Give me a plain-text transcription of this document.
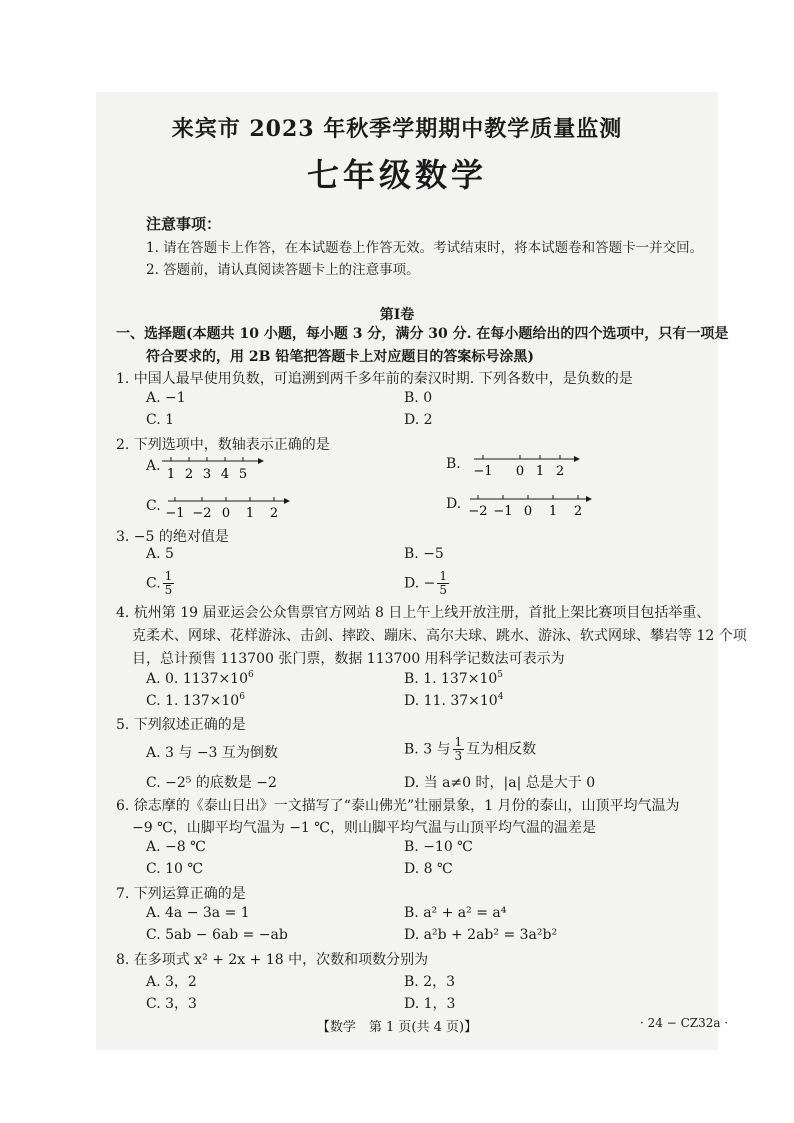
来宾市 2023 年秋季学期期中教学质量监测
七年级数学
注意事项：
1. 请在答题卡上作答，在本试题卷上作答无效。考试结束时，将本试题卷和答题卡一并交回。
2. 答题前，请认真阅读答题卡上的注意事项。
第Ⅰ卷
一、选择题(本题共 10 小题，每小题 3 分，满分 30 分. 在每小题给出的四个选项中，只有一项是
符合要求的，用 2B 铅笔把答题卡上对应题目的答案标号涂黑)
1. 中国人最早使用负数，可追溯到两千多年前的秦汉时期. 下列各数中，是负数的是
A. −1	B. 0
C. 1	D. 2
2. 下列选项中，数轴表示正确的是
A.
1 2 3 4 5
B. −1 0 1 2
C. −1 −2 0 1 2
D. −2 −1 0 1 2
3. −5 的绝对值是
A. 5	B. −5
C. $\frac{1}{5}$	D. − $\frac{1}{5}$
4. 杭州第 19 届亚运会公众售票官方网站 8 日上午上线开放注册，首批上架比赛项目包括举重、
克柔术、网球、花样游泳、击剑、摔跤、蹦床、高尔夫球、跳水、游泳、软式网球、攀岩等 12 个项
目，总计预售 113700 张门票，数据 113700 用科学记数法可表示为
A. 0. $1137\times 10^6$	B. 1. $137\times 10^5$
C. 1. $137\times 10^6$	D. 11. $37\times 10^4$
5. 下列叙述正确的是
A. 3 与 −3 互为倒数	B. 3 与 $\frac{1}{3}$ 互为相反数
C. −2⁵ 的底数是 −2	D. 当 a≠0 时，|a| 总是大于 0
6. 徐志摩的《泰山日出》一文描写了“泰山佛光”壮丽景象，1 月份的泰山，山顶平均气温为
−9 ℃，山脚平均气温为 −1 ℃，则山脚平均气温与山顶平均气温的温差是
A. −8 ℃	B. −10 ℃
C. 10 ℃	D. 8 ℃
7. 下列运算正确的是
A. 4a − 3a = 1	B. a² + a² = a⁴
C. 5ab − 6ab = −ab	D. a²b + 2ab² = 3a²b²
8. 在多项式 x² + 2x + 18 中，次数和项数分别为
A. 3，2	B. 2，3
C. 3，3	D. 1，3
【数学　第 1 页(共 4 页)】	· 24 − CZ32a ·
